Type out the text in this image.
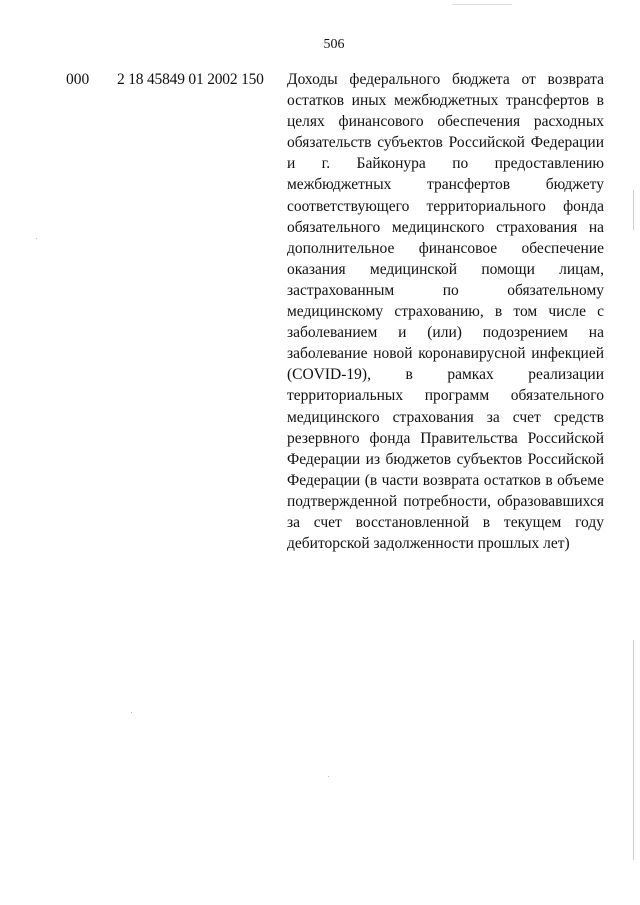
506
000 2 18 45849 01 2002 150 Доходы федерального бюджета от возврата остатков иных межбюджетных трансфертов в целях финансового обеспечения расходных обязательств субъектов Российской Федерации и г. Байконура по предоставлению межбюджетных трансфертов бюджету соответствующего территориального фонда обязательного медицинского страхования на дополнительное финансовое обеспечение оказания медицинской помощи лицам, застрахованным по обязательному медицинскому страхованию, в том числе с заболеванием и (или) подозрением на заболевание новой коронавирусной инфекцией (COVID-19), в рамках реализации территориальных программ обязательного медицинского страхования за счет средств резервного фонда Правительства Российской Федерации из бюджетов субъектов Российской Федерации (в части возврата остатков в объеме подтвержденной потребности, образовавшихся за счет восстановленной в текущем году дебиторской задолженности прошлых лет)
